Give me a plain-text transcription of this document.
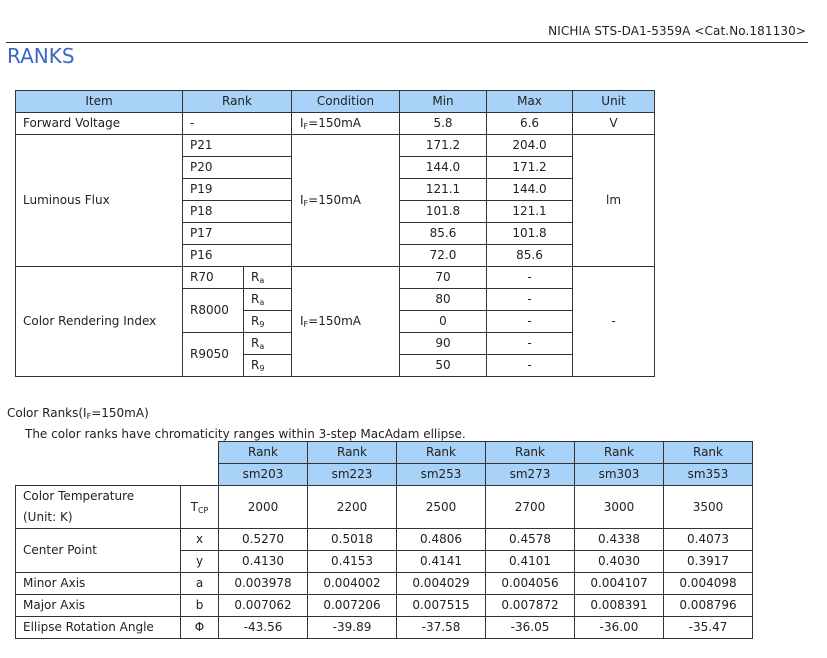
NICHIA STS-DA1-5359A <Cat.No.181130>
RANKS
Item	Rank		Condition	Min	Max	Unit
Forward Voltage	-		$I_F=150mA$	5.8	6.6	V
Luminous Flux	P21		$I_F=150mA$	171.2	204.0	lm
	P20			144.0	171.2	
	P19			121.1	144.0	
	P18			101.8	121.1	
	P17			85.6	101.8	
	P16			72.0	85.6	
Color Rendering Index	R70	$R_a$	$I_F=150mA$	70	-	-
	R8000	$R_a$		80	-	
		$R_9$		0	-	
	R9050	$R_a$		90	-	
		$R_9$		50	-	
Color $Ranks(I_F=150mA)$
The color ranks have chromaticity ranges within 3-step MacAdam ellipse.
		Rank	Rank	Rank	Rank	Rank	Rank
		sm203	sm223	sm253	sm273	sm303	sm353

Color Temperature
(Unit: K)	$T_{CP}$	2000	2200	2500	2700	3000	3500
Center Point	x	0.5270	0.5018	0.4806	0.4578	0.4338	0.4073
	y	0.4130	0.4153	0.4141	0.4101	0.4030	0.3917
Minor Axis	a	0.003978	0.004002	0.004029	0.004056	0.004107	0.004098
Major Axis	b	0.007062	0.007206	0.007515	0.007872	0.008391	0.008796
Ellipse Rotation Angle	Φ	-43.56	-39.89	-37.58	-36.05	-36.00	-35.47
